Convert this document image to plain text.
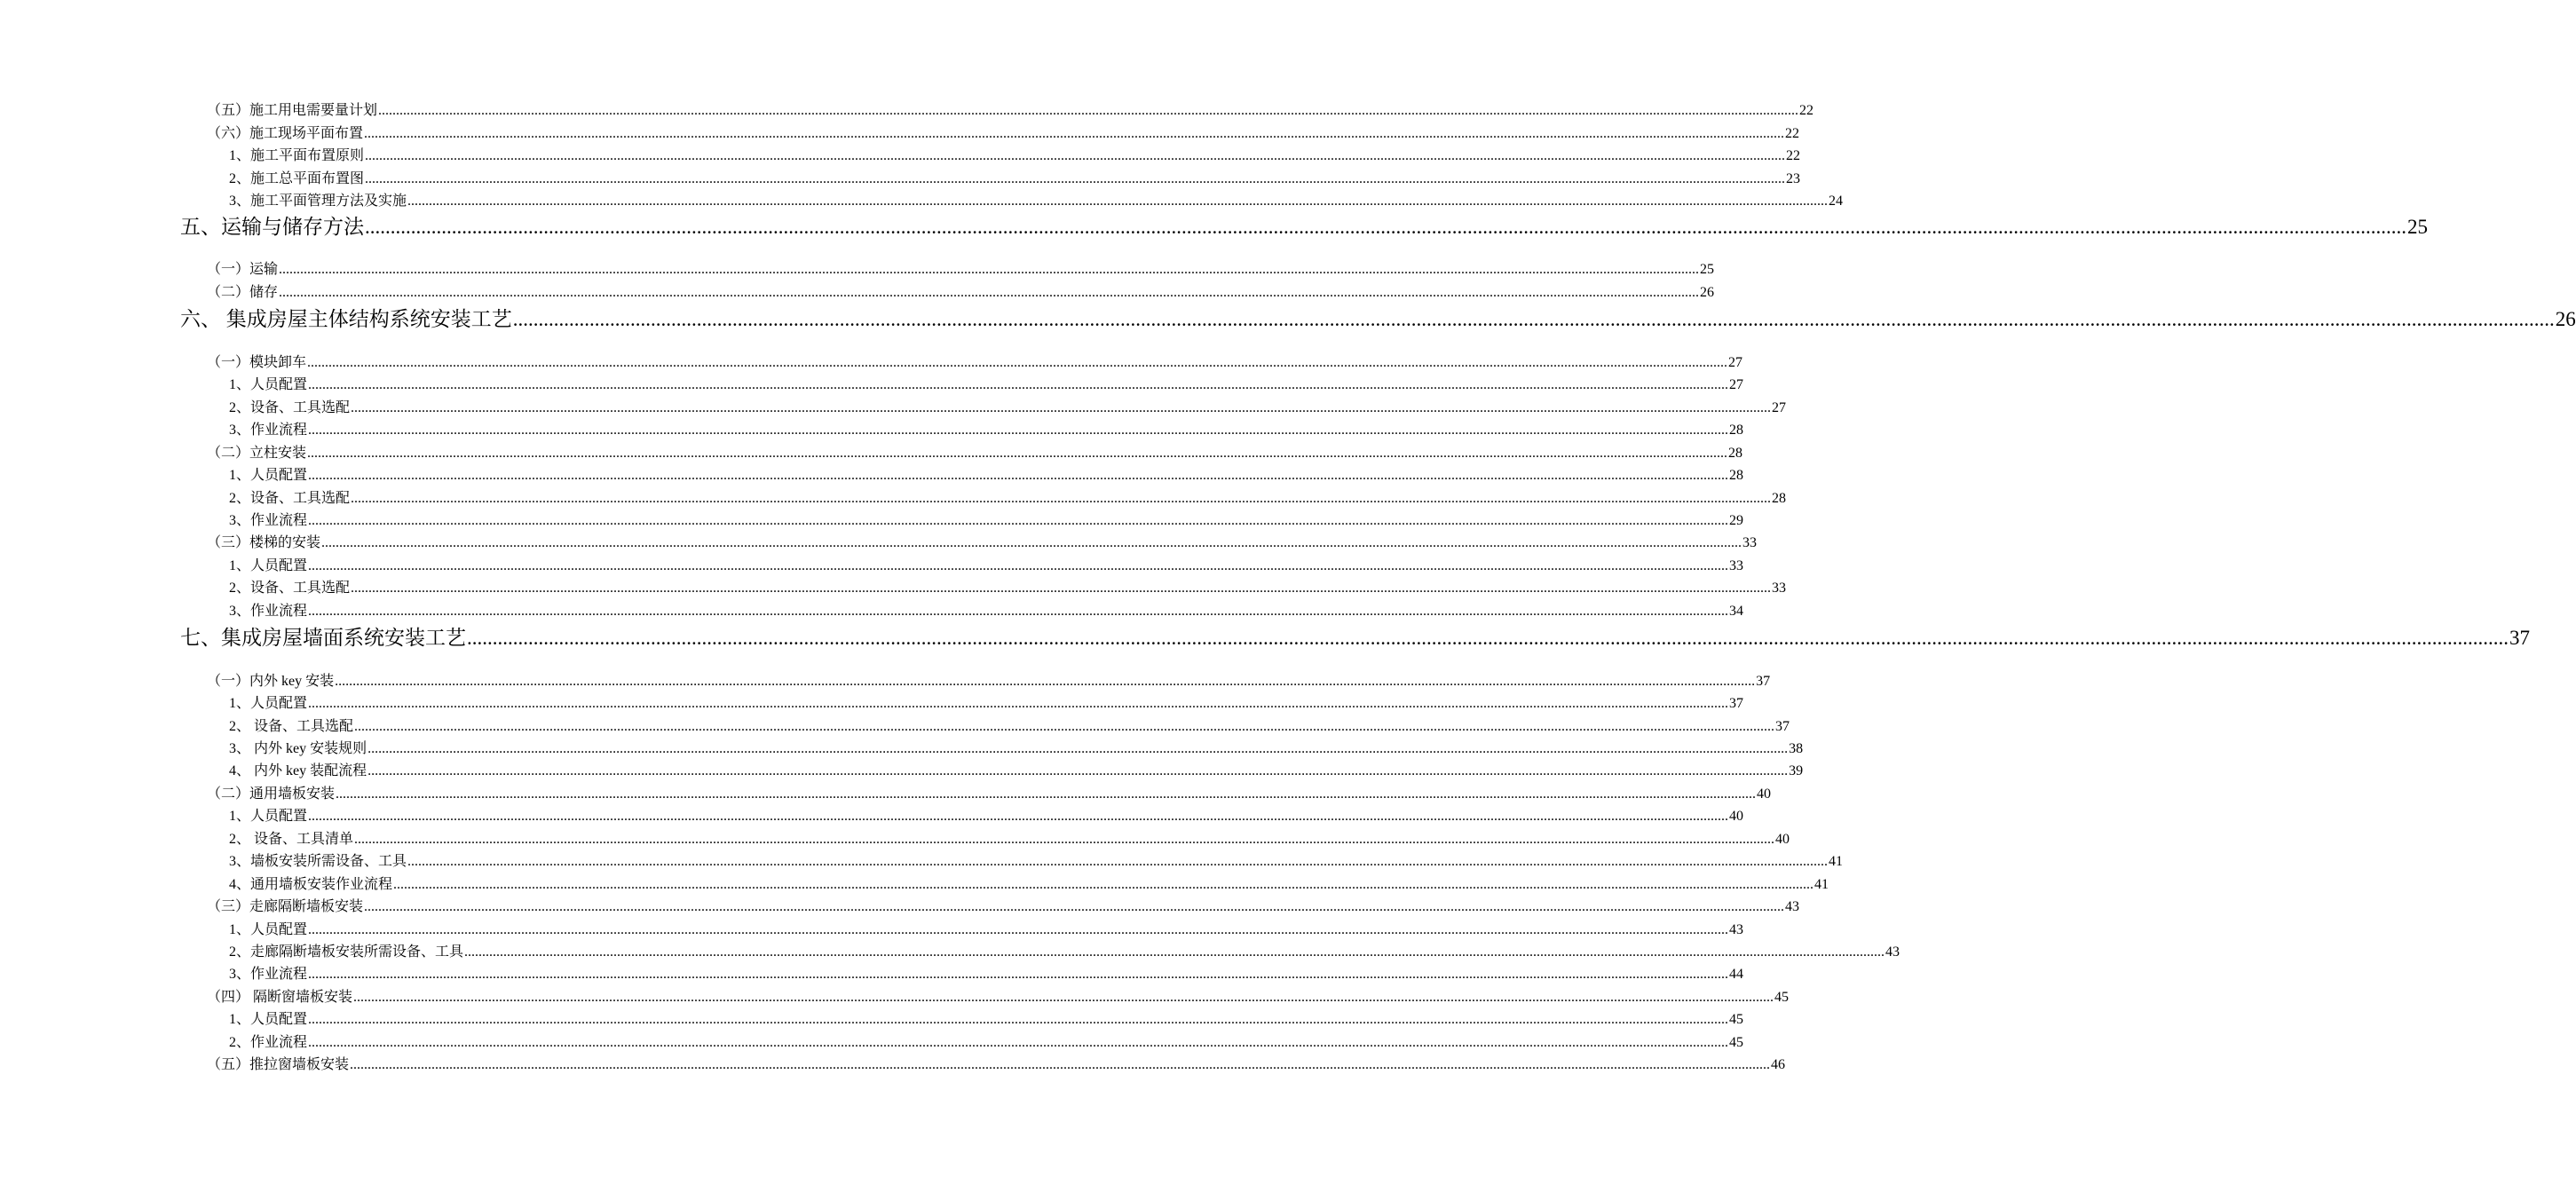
（五）施工用电需要量计划 ................................................................................................................................................................................................................................................................................................................................................................................................................ 22
（六）施工现场平面布置 ................................................................................................................................................................................................................................................................................................................................................................................................................ 22
1、施工平面布置原则 ................................................................................................................................................................................................................................................................................................................................................................................................................ 22
2、施工总平面布置图 ................................................................................................................................................................................................................................................................................................................................................................................................................ 23
3、施工平面管理方法及实施 ................................................................................................................................................................................................................................................................................................................................................................................................................ 24
五、运输与储存方法 ................................................................................................................................................................................................................................................................................................................................................................................................................ 25
（一）运输 ................................................................................................................................................................................................................................................................................................................................................................................................................ 25
（二）储存 ................................................................................................................................................................................................................................................................................................................................................................................................................ 26
六、 集成房屋主体结构系统安装工艺 ................................................................................................................................................................................................................................................................................................................................................................................................................ 26
（一）模块卸车 ................................................................................................................................................................................................................................................................................................................................................................................................................ 27
1、人员配置 ................................................................................................................................................................................................................................................................................................................................................................................................................ 27
2、设备、工具选配 ................................................................................................................................................................................................................................................................................................................................................................................................................ 27
3、作业流程 ................................................................................................................................................................................................................................................................................................................................................................................................................ 28
（二）立柱安装 ................................................................................................................................................................................................................................................................................................................................................................................................................ 28
1、人员配置 ................................................................................................................................................................................................................................................................................................................................................................................................................ 28
2、设备、工具选配 ................................................................................................................................................................................................................................................................................................................................................................................................................ 28
3、作业流程 ................................................................................................................................................................................................................................................................................................................................................................................................................ 29
（三）楼梯的安装 ................................................................................................................................................................................................................................................................................................................................................................................................................ 33
1、人员配置 ................................................................................................................................................................................................................................................................................................................................................................................................................ 33
2、设备、工具选配 ................................................................................................................................................................................................................................................................................................................................................................................................................ 33
3、作业流程 ................................................................................................................................................................................................................................................................................................................................................................................................................ 34
七、集成房屋墙面系统安装工艺 ................................................................................................................................................................................................................................................................................................................................................................................................................ 37
（一）内外 key 安装 ................................................................................................................................................................................................................................................................................................................................................................................................................ 37
1、人员配置 ................................................................................................................................................................................................................................................................................................................................................................................................................ 37
2、 设备、工具选配 ................................................................................................................................................................................................................................................................................................................................................................................................................ 37
3、 内外 key 安装规则 ................................................................................................................................................................................................................................................................................................................................................................................................................ 38
4、 内外 key 装配流程 ................................................................................................................................................................................................................................................................................................................................................................................................................ 39
（二）通用墙板安装 ................................................................................................................................................................................................................................................................................................................................................................................................................ 40
1、人员配置 ................................................................................................................................................................................................................................................................................................................................................................................................................ 40
2、 设备、工具清单 ................................................................................................................................................................................................................................................................................................................................................................................................................ 40
3、墙板安装所需设备、工具 ................................................................................................................................................................................................................................................................................................................................................................................................................ 41
4、通用墙板安装作业流程 ................................................................................................................................................................................................................................................................................................................................................................................................................ 41
（三）走廊隔断墙板安装 ................................................................................................................................................................................................................................................................................................................................................................................................................ 43
1、人员配置 ................................................................................................................................................................................................................................................................................................................................................................................................................ 43
2、走廊隔断墙板安装所需设备、工具 ................................................................................................................................................................................................................................................................................................................................................................................................................ 43
3、作业流程 ................................................................................................................................................................................................................................................................................................................................................................................................................ 44
（四） 隔断窗墙板安装 ................................................................................................................................................................................................................................................................................................................................................................................................................ 45
1、人员配置 ................................................................................................................................................................................................................................................................................................................................................................................................................ 45
2、作业流程 ................................................................................................................................................................................................................................................................................................................................................................................................................ 45
（五）推拉窗墙板安装 ................................................................................................................................................................................................................................................................................................................................................................................................................ 46
